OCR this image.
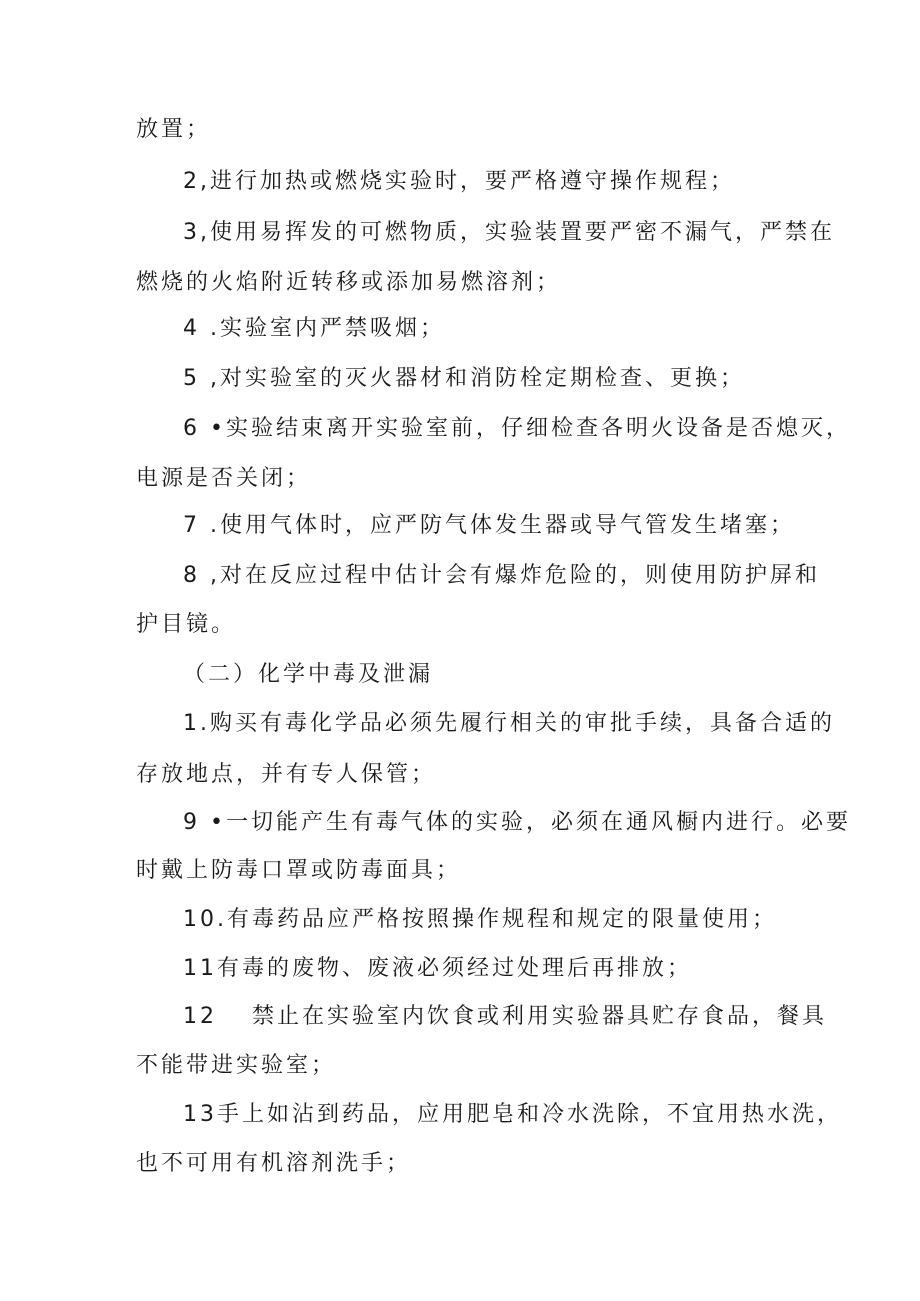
放置；
2,进行加热或燃烧实验时，要严格遵守操作规程；
3,使用易挥发的可燃物质，实验装置要严密不漏气，严禁在
燃烧的火焰附近转移或添加易燃溶剂；
4 .实验室内严禁吸烟；
5 ,对实验室的灭火器材和消防栓定期检查、更换；
6 •实验结束离开实验室前，仔细检查各明火设备是否熄灭，
电源是否关闭；
7 .使用气体时，应严防气体发生器或导气管发生堵塞；
8 ,对在反应过程中估计会有爆炸危险的，则使用防护屏和
护目镜。
（二）化学中毒及泄漏
1.购买有毒化学品必须先履行相关的审批手续，具备合适的
存放地点，并有专人保管；
9 •一切能产生有毒气体的实验，必须在通风橱内进行。必要
时戴上防毒口罩或防毒面具；
10.有毒药品应严格按照操作规程和规定的限量使用；
11有毒的废物、废液必须经过处理后再排放；
12　 禁止在实验室内饮食或利用实验器具贮存食品，餐具
不能带进实验室；
13手上如沾到药品，应用肥皂和冷水洗除，不宜用热水洗，
也不可用有机溶剂洗手；
